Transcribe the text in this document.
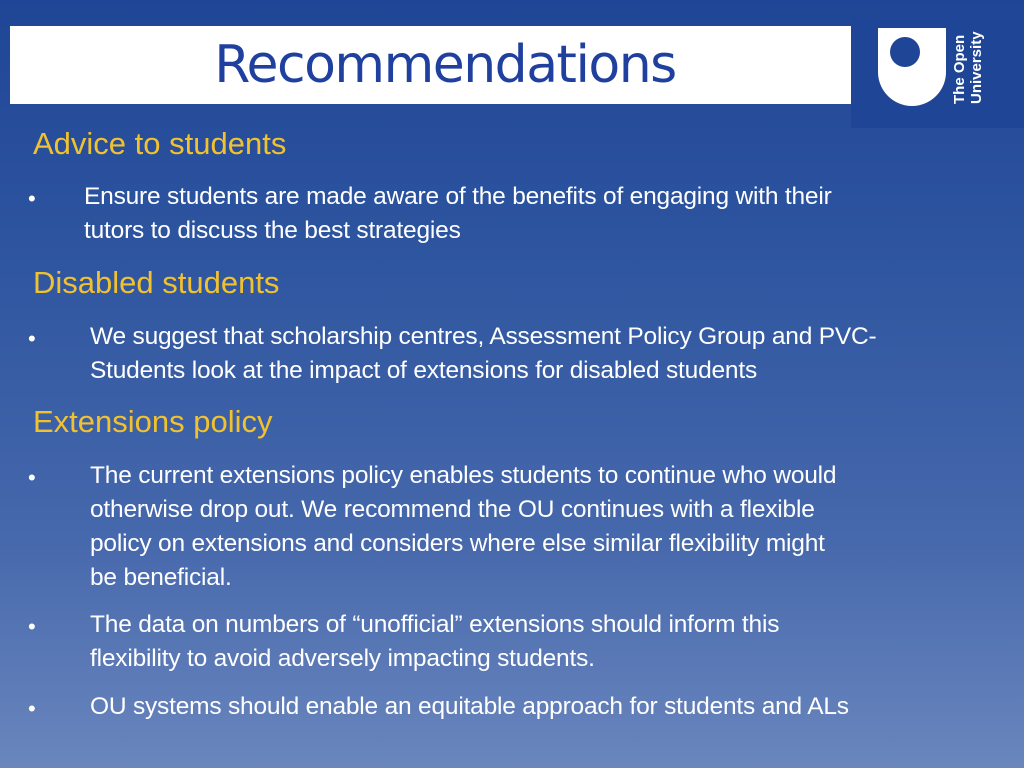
Recommendations	The Open University
Advice to students
• Ensure students are made aware of the benefits of engaging with their
tutors to discuss the best strategies
Disabled students
• We suggest that scholarship centres, Assessment Policy Group and PVC-
Students look at the impact of extensions for disabled students
Extensions policy
• The current extensions policy enables students to continue who would
otherwise drop out. We recommend the OU continues with a flexible
policy on extensions and considers where else similar flexibility might
be beneficial.
• The data on numbers of “unofficial” extensions should inform this
flexibility to avoid adversely impacting students.
• OU systems should enable an equitable approach for students and ALs
